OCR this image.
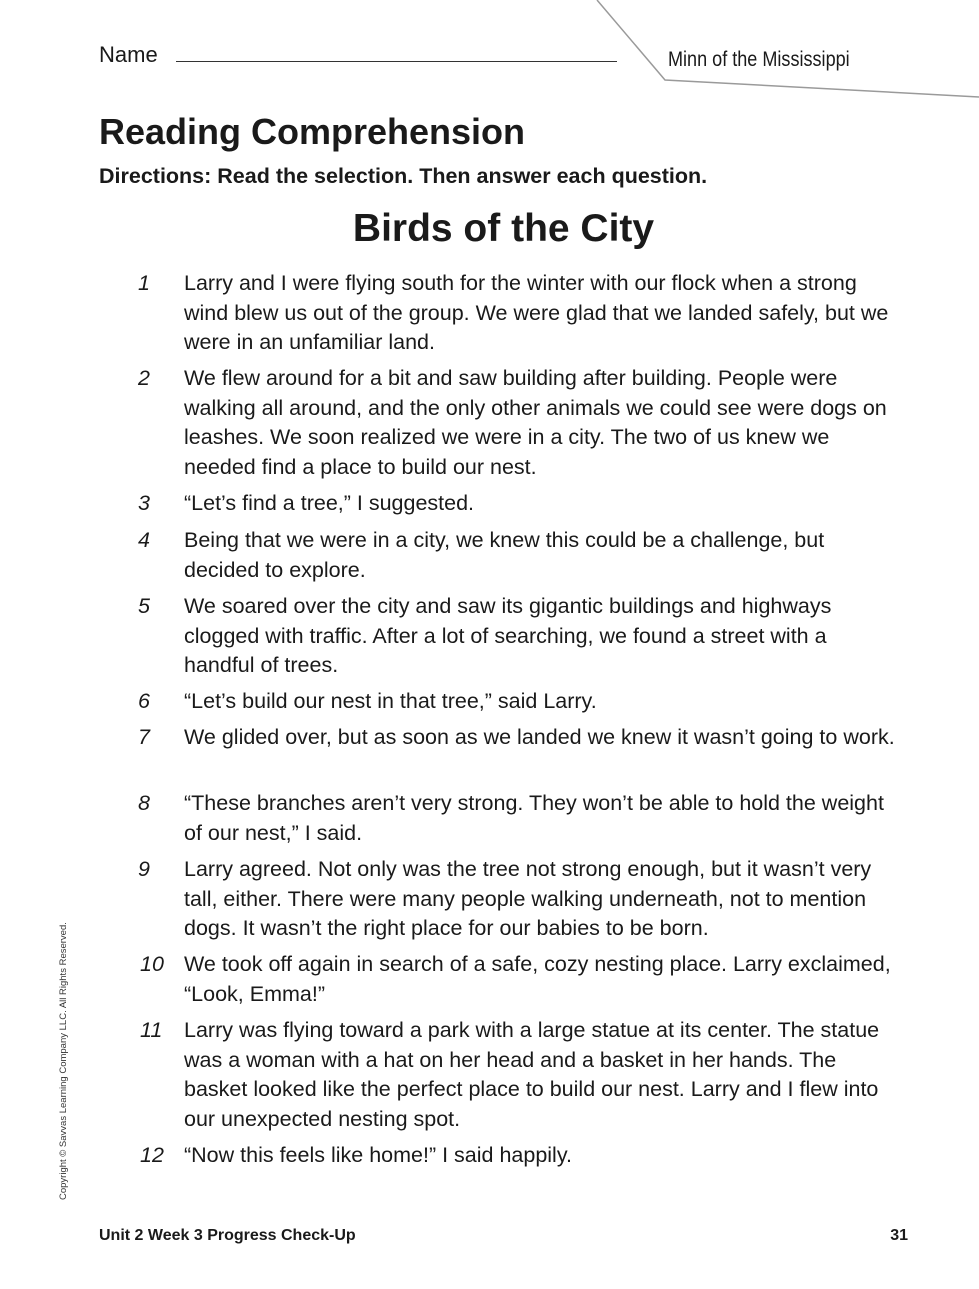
Name	Minn of the Mississippi
Reading Comprehension
Directions: Read the selection. Then answer each question.
Birds of the City
1 Larry and I were flying south for the winter with our flock when a strong wind blew us out of the group. We were glad that we landed safely, but we were in an unfamiliar land.

2 We flew around for a bit and saw building after building. People were walking all around, and the only other animals we could see were dogs on leashes. We soon realized we were in a city. The two of us knew we needed find a place to build our nest.

3 “Let’s find a tree,” I suggested.

4 Being that we were in a city, we knew this could be a challenge, but decided to explore.

5 We soared over the city and saw its gigantic buildings and highways clogged with traffic. After a lot of searching, we found a street with a handful of trees.

6 “Let’s build our nest in that tree,” said Larry.

7 We glided over, but as soon as we landed we knew it wasn’t going to work.

8 “These branches aren’t very strong. They won’t be able to hold the weight of our nest,” I said.

9 Larry agreed. Not only was the tree not strong enough, but it wasn’t very tall, either. There were many people walking underneath, not to mention dogs. It wasn’t the right place for our babies to be born.

10 We took off again in search of a safe, cozy nesting place. Larry exclaimed, “Look, Emma!”

11 Larry was flying toward a park with a large statue at its center. The statue was a woman with a hat on her head and a basket in her hands. The basket looked like the perfect place to build our nest. Larry and I flew into our unexpected nesting spot.

12 “Now this feels like home!” I said happily.

Copyright © Savvas Learning Company LLC. All Rights Reserved.
Unit 2 Week 3 Progress Check-Up	31
